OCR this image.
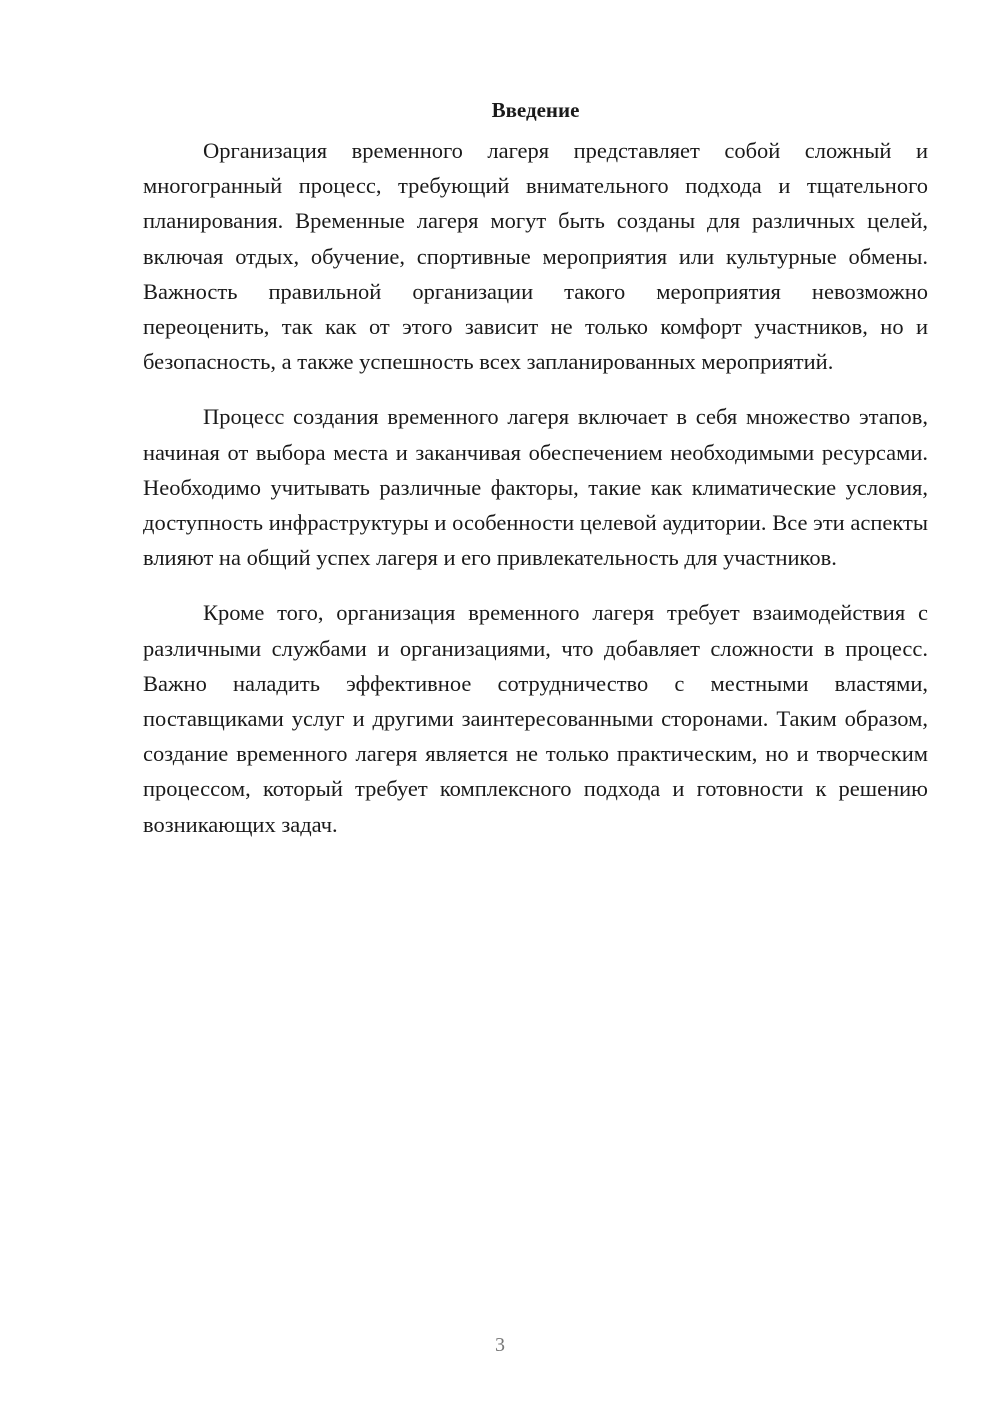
Введение

Организация временного лагеря представляет собой сложный и многогранный процесс, требующий внимательного подхода и тщательного планирования. Временные лагеря могут быть созданы для различных целей, включая отдых, обучение, спортивные мероприятия или культурные обмены. Важность правильной организации такого мероприятия невозможно переоценить, так как от этого зависит не только комфорт участников, но и безопасность, а также успешность всех запланированных мероприятий.

Процесс создания временного лагеря включает в себя множество этапов, начиная от выбора места и заканчивая обеспечением необходимыми ресурсами. Необходимо учитывать различные факторы, такие как климатические условия, доступность инфраструктуры и особенности целевой аудитории. Все эти аспекты влияют на общий успех лагеря и его привлекательность для участников.

Кроме того, организация временного лагеря требует взаимодействия с различными службами и организациями, что добавляет сложности в процесс. Важно наладить эффективное сотрудничество с местными властями, поставщиками услуг и другими заинтересованными сторонами. Таким образом, создание временного лагеря является не только практическим, но и творческим процессом, который требует комплексного подхода и готовности к решению возникающих задач.

3
